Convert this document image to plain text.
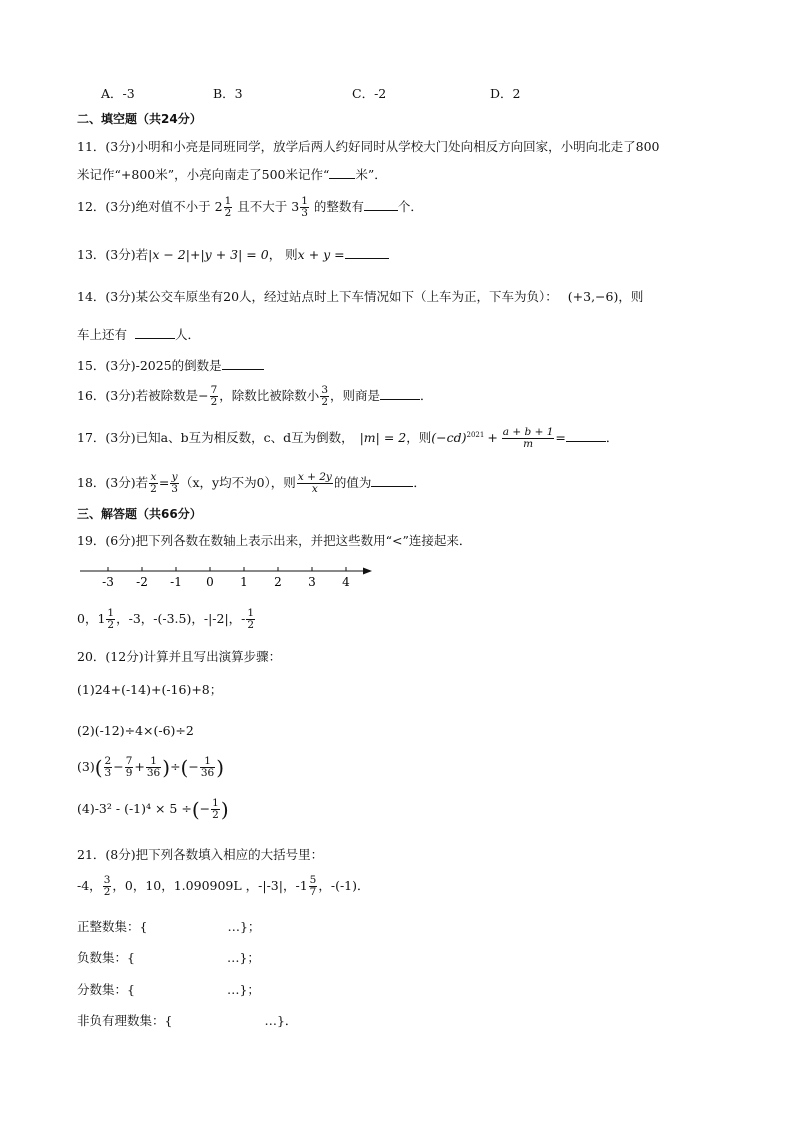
A．-3	B．3	C．-2	D．2
二、填空题（共24分）
11．(3分)小明和小亮是同班同学，放学后两人约好同时从学校大门处向相反方向回家，小明向北走了800
米记作“+800米”，小亮向南走了500米记作“ 米”．
12．(3分)绝对值不小于 $2 \frac{1}{2}$ 且不大于 $3 \frac{1}{3}$ 的整数有	个．
13．(3分)若|x − 2|+|y + 3| = 0， 则x + y =
14．(3分)某公交车原坐有20人，经过站点时上下车情况如下（上车为正，下车为负）： (+3,−6)，则
车上还有	人．
15．(3分)-2025的倒数是
16．(3分)若被除数是− $\frac{7}{2}$ ，除数比被除数小 $\frac{3}{2}$ ，则商是	．
17．(3分)已知a、b互为相反数，c、d互为倒数， |m| = 2，则$(-cd)^{2021} + \frac{a + b + 1}{m}$ =	．
18．(3分)若 $\frac{x}{2} = \frac{y}{3} (x$，y均不为0），则 $\frac{x + 2y}{x}$ 的值为	．
三、解答题（共66分）
19．(6分)把下列各数在数轴上表示出来，并把这些数用“<”连接起来．
-3 -2 -1 0 1 2 3 4
0，$1 \frac{1}{2}$ ，-3，-(-3.5)，-|-2|，- $\frac{1}{2}$
20．(12分)计算并且写出演算步骤：
(1)24+(-14)+(-16)+8；
(2)(-12)÷4×(-6)÷2
$(3)( \frac{2}{3} - \frac{7}{9} + \frac{1}{36}$ )÷(− $\frac{1}{36}$ )
(4)-3² - (-1)⁴ × 5 ÷(− $\frac{1}{2}$ )
21．(8分)把下列各数填入相应的大括号里：
-4， $\frac{3}{2}$ ，0，10，1.090909L ，-|-3|，$-1 \frac{5}{7}$ ，-(-1)．
正整数集：{	…}；
负数集：{	…}；
分数集：{	…}；
非负有理数集：{	…}．
